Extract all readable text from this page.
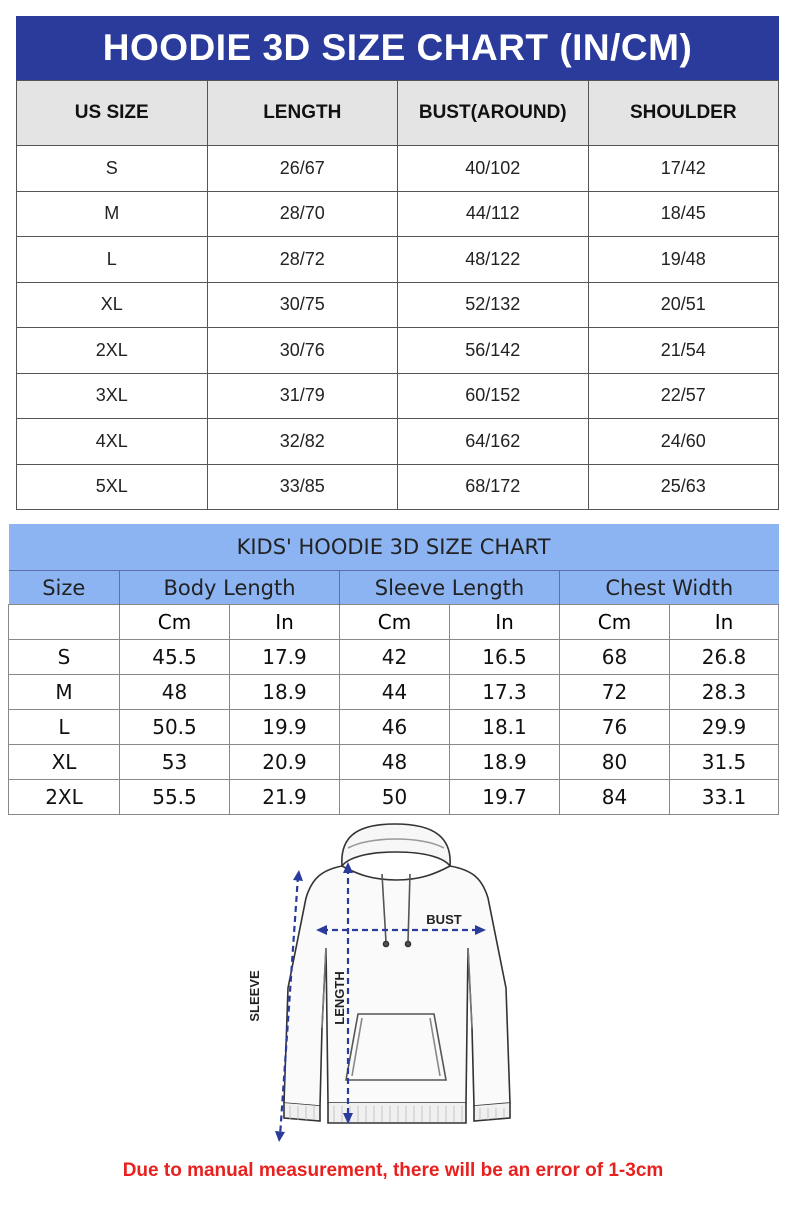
HOODIE 3D SIZE CHART (IN/CM)
US SIZE	LENGTH	BUST(AROUND)	SHOULDER
S	26/67	40/102	17/42
M	28/70	44/112	18/45
L	28/72	48/122	19/48
XL	30/75	52/132	20/51
2XL	30/76	56/142	21/54
3XL	31/79	60/152	22/57
4XL	32/82	64/162	24/60
5XL	33/85	68/172	25/63
KIDS' HOODIE 3D SIZE CHART						
Size	Body Length		Sleeve Length		Chest Width	
	Cm	In	Cm	In	Cm	In
S	45.5	17.9	42	16.5	68	26.8
M	48	18.9	44	17.3	72	28.3
L	50.5	19.9	46	18.1	76	29.9
XL	53	20.9	48	18.9	80	31.5
2XL	55.5	21.9	50	19.7	84	33.1
BUST
LENGTH
SLEEVE
Due to manual measurement, there will be an error of 1-3cm
